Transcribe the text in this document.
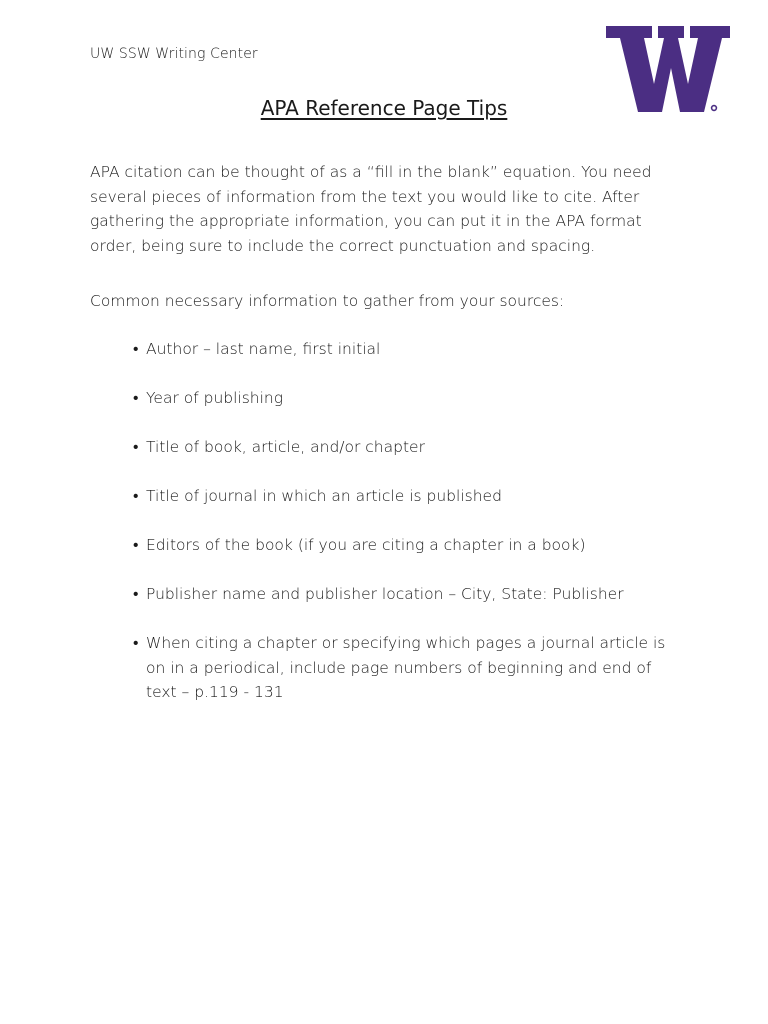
UW SSW Writing Center
APA Reference Page Tips
APA citation can be thought of as a “fill in the blank” equation. You need several pieces of information from the text you would like to cite. After gathering the appropriate information, you can put it in the APA format order, being sure to include the correct punctuation and spacing.
Common necessary information to gather from your sources:
• Author – last name, first initial
• Year of publishing
• Title of book, article, and/or chapter
• Title of journal in which an article is published
• Editors of the book (if you are citing a chapter in a book)
• Publisher name and publisher location – City, State: Publisher
• When citing a chapter or specifying which pages a journal article is on in a periodical, include page numbers of beginning and end of text – p.119 - 131
